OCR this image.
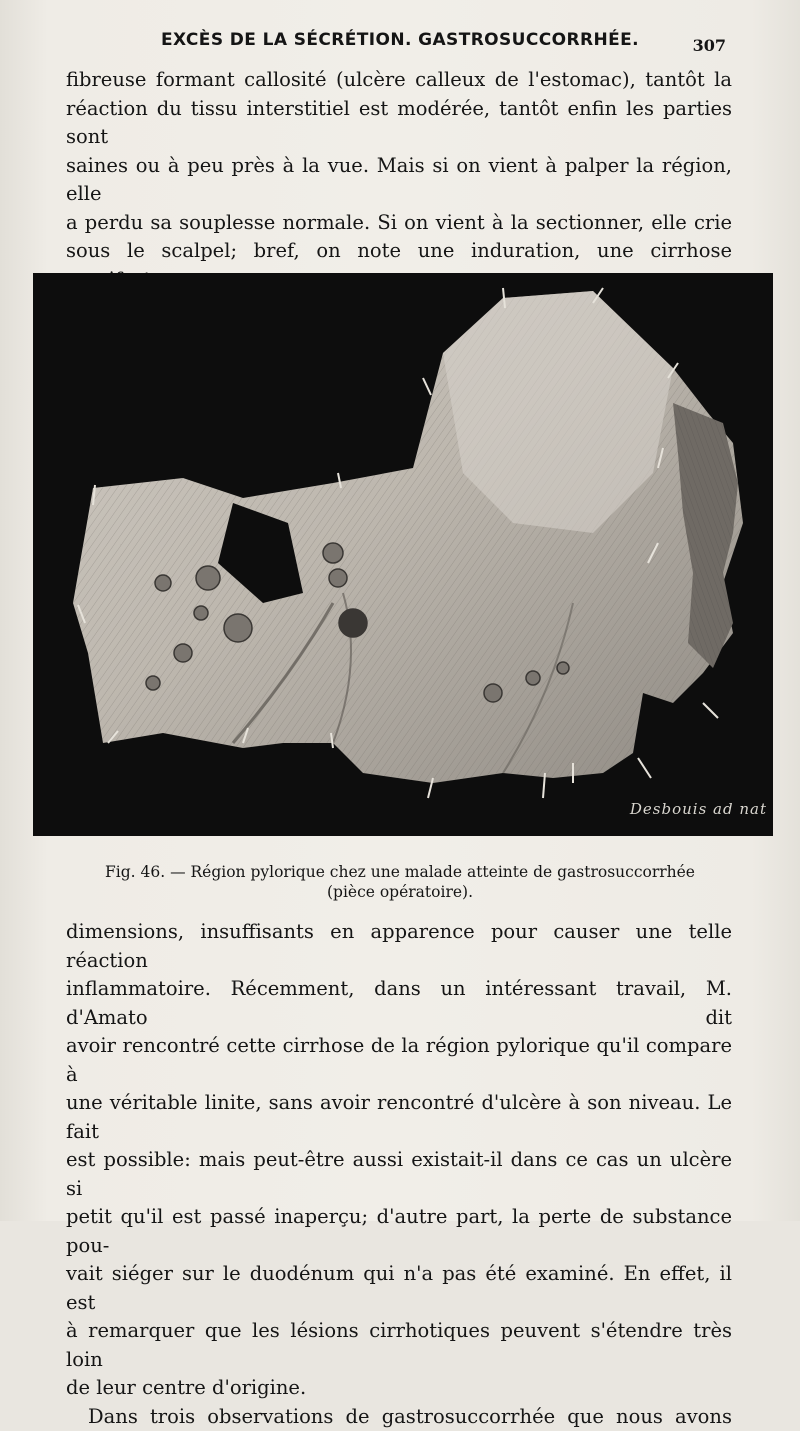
EXCÈS DE LA SÉCRÉTION. GASTROSUCCORRHÉE.	307
fibreuse formant callosité (ulcère calleux de l'estomac), tantôt la
réaction du tissu interstitiel est modérée, tantôt enfin les parties sont
saines ou à peu près à la vue. Mais si on vient à palper la région, elle
a perdu sa souplesse normale. Si on vient à la sectionner, elle crie
sous le scalpel; bref, on note une induration, une cirrhose
Desbouis ad nat
Fig. 46. — Région pylorique chez une malade atteinte de gastrosuccorrhée
(pièce opératoire).
dimensions, insuffisants en apparence pour causer une telle réaction
inflammatoire. Récemment, dans un intéressant travail, M. d'Amato dit
avoir rencontré cette cirrhose de la région pylorique qu'il compare à
une véritable linite, sans avoir rencontré d'ulcère à son niveau. Le fait
est possible: mais peut-être aussi existait-il dans ce cas un ulcère si
petit qu'il est passé inaperçu; d'autre part, la perte de substance pou-
vait siéger sur le duodénum qui n'a pas été examiné. En effet, il est
à remarquer que les lésions cirrhotiques peuvent s'étendre très loin
de leur centre d'origine.
Dans trois observations de gastrosuccorrhée que nous avons
